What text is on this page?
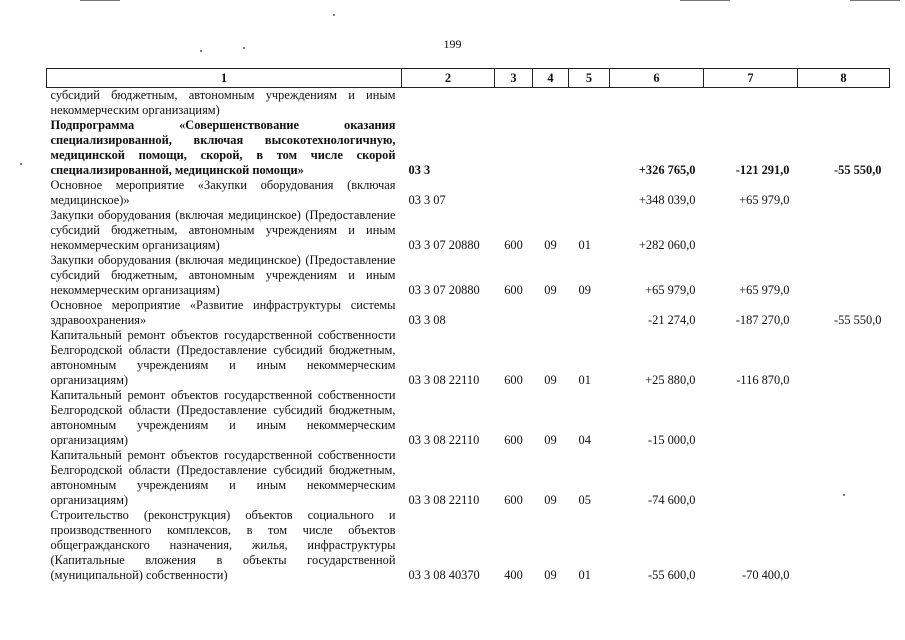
199
1	2	3	4	5	6	7	8
субсидий бюджетным, автономным учреждениям и иным некоммерческим организациям)							
Подпрограмма «Совершенствование оказания специализированной, включая высокотехнологичную, медицинской помощи, скорой, в том числе скорой специализированной, медицинской помощи»	03 3				+326 765,0	-121 291,0	-55 550,0
Основное мероприятие «Закупки оборудования (включая медицинское)»	03 3 07				+348 039,0	+65 979,0	
Закупки оборудования (включая медицинское) (Предоставление субсидий бюджетным, автономным учреждениям и иным некоммерческим организациям)	03 3 07 20880	600	09	01	+282 060,0		
Закупки оборудования (включая медицинское) (Предоставление субсидий бюджетным, автономным учреждениям и иным некоммерческим организациям)	03 3 07 20880	600	09	09	+65 979,0	+65 979,0	
Основное мероприятие «Развитие инфраструктуры системы здравоохранения»	03 3 08				-21 274,0	-187 270,0	-55 550,0
Капитальный ремонт объектов государственной собственности Белгородской области (Предоставление субсидий бюджетным, автономным учреждениям и иным некоммерческим организациям)	03 3 08 22110	600	09	01	+25 880,0	-116 870,0	
Капитальный ремонт объектов государственной собственности Белгородской области (Предоставление субсидий бюджетным, автономным учреждениям и иным некоммерческим организациям)	03 3 08 22110	600	09	04	-15 000,0		
Капитальный ремонт объектов государственной собственности Белгородской области (Предоставление субсидий бюджетным, автономным учреждениям и иным некоммерческим организациям)	03 3 08 22110	600	09	05	-74 600,0		
Строительство (реконструкция) объектов социального и производственного комплексов, в том числе объектов общегражданского назначения, жилья, инфраструктуры (Капитальные вложения в объекты государственной (муниципальной) собственности)	03 3 08 40370	400	09	01	-55 600,0	-70 400,0	
